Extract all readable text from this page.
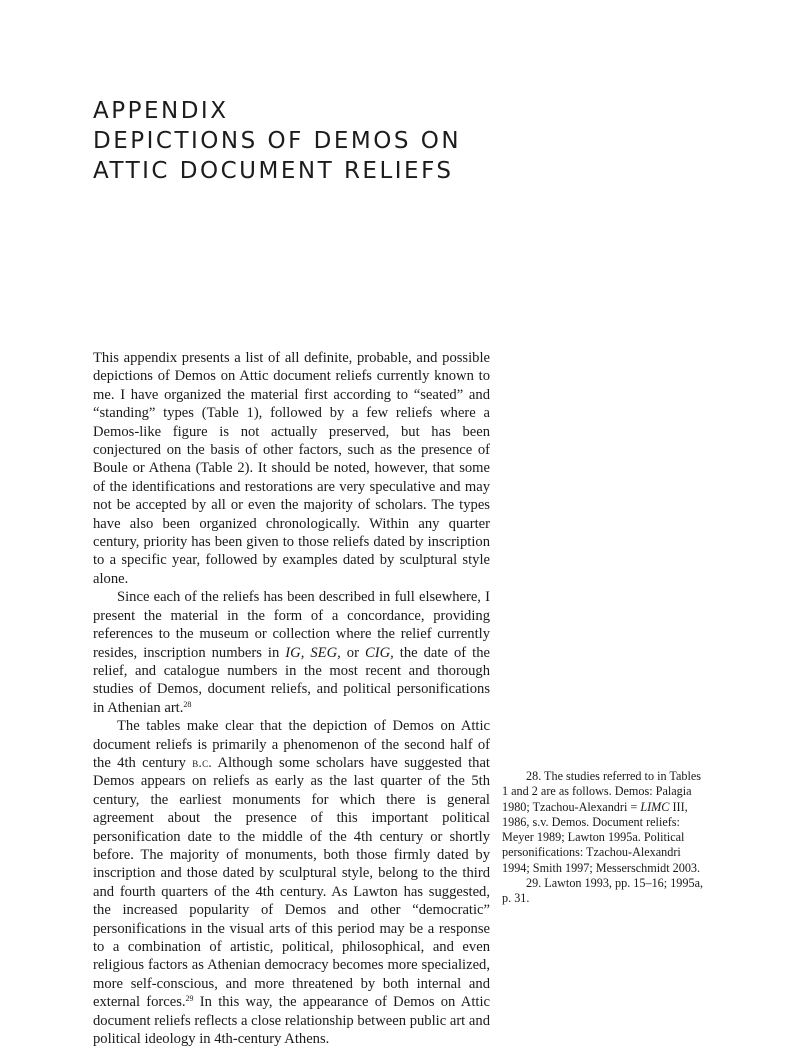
APPENDIX
DEPICTIONS OF DEMOS ON
ATTIC DOCUMENT RELIEFS

This appendix presents a list of all definite, probable, and possible depictions of Demos on Attic document reliefs currently known to me. I have organized the material first according to “seated” and “standing” types (Table 1), followed by a few reliefs where a Demos-like figure is not actually preserved, but has been conjectured on the basis of other factors, such as the presence of Boule or Athena (Table 2). It should be noted, however, that some of the identifications and restorations are very speculative and may not be accepted by all or even the majority of scholars. The types have also been organized chronologically. Within any quarter century, priority has been given to those reliefs dated by inscription to a specific year, followed by examples dated by sculptural style alone.

Since each of the reliefs has been described in full elsewhere, I present the material in the form of a concordance, providing references to the museum or collection where the relief currently resides, inscription numbers in IG, SEG, or CIG, the date of the relief, and catalogue numbers in the most recent and thorough studies of Demos, document reliefs, and political personifications in Athenian art.$^{28}$

The tables make clear that the depiction of Demos on Attic document reliefs is primarily a phenomenon of the second half of the 4th century b.c. Although some scholars have suggested that Demos appears on reliefs as early as the last quarter of the 5th century, the earliest monuments for which there is general agreement about the presence of this important political personification date to the middle of the 4th century or shortly before. The majority of monuments, both those firmly dated by inscription and those dated by sculptural style, belong to the third and fourth quarters of the 4th century. As Lawton has suggested, the increased popularity of Demos and other “democratic” personifications in the visual arts of this period may be a response to a combination of artistic, political, philosophical, and even religious factors as Athenian democracy becomes more specialized, more self-conscious, and more threatened by both internal and external forces.$^{29}$ In this way, the appearance of Demos on Attic document reliefs reflects a close relationship between public art and political ideology in 4th-century Athens.

28. The studies referred to in Tables 1 and 2 are as follows. Demos: Palagia 1980; Tzachou-Alexandri = LIMC III, 1986, s.v. Demos. Document reliefs: Meyer 1989; Lawton 1995a. Political personifications: Tzachou-Alexandri 1994; Smith 1997; Messerschmidt 2003.

29. Lawton 1993, pp. 15–16; 1995a, p. 31.
